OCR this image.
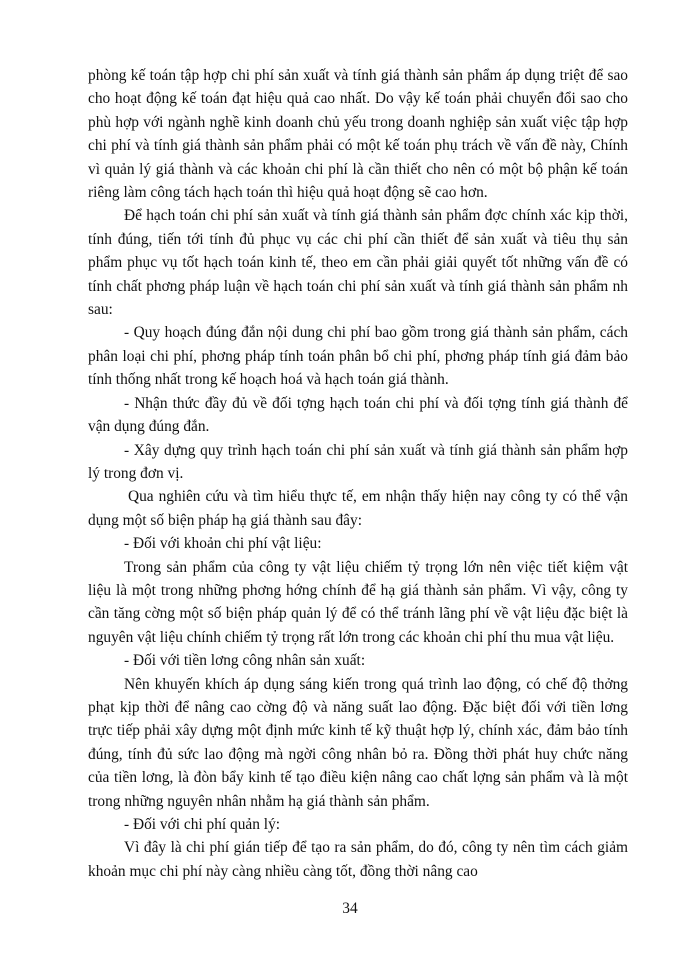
phòng kế toán tập hợp chi phí sản xuất và tính giá thành sản phẩm áp dụng triệt để sao cho hoạt động kế toán đạt hiệu quả cao nhất. Do vậy kế toán phải chuyển đổi sao cho phù hợp với ngành nghề kinh doanh chủ yếu trong doanh nghiệp sản xuất việc tập hợp chi phí và tính giá thành sản phẩm phải có một kế toán phụ trách về vấn đề này, Chính vì quản lý giá thành và các khoản chi phí là cần thiết cho nên có một bộ phận kế toán riêng làm công tách hạch toán thì hiệu quả hoạt động sẽ cao hơn.

Để hạch toán chi phí sản xuất và tính giá thành sản phẩm đợc chính xác kịp thời, tính đúng, tiến tới tính đủ phục vụ các chi phí cần thiết để sản xuất và tiêu thụ sản phẩm phục vụ tốt hạch toán kinh tế, theo em cần phải giải quyết tốt những vấn đề có tính chất phơng pháp luận về hạch toán chi phí sản xuất và tính giá thành sản phẩm nh sau:

- Quy hoạch đúng đắn nội dung chi phí bao gồm trong giá thành sản phẩm, cách phân loại chi phí, phơng pháp tính toán phân bổ chi phí, phơng pháp tính giá đảm bảo tính thống nhất trong kế hoạch hoá và hạch toán giá thành.

- Nhận thức đầy đủ về đối tợng hạch toán chi phí và đối tợng tính giá thành để vận dụng đúng đắn.

- Xây dựng quy trình hạch toán chi phí sản xuất và tính giá thành sản phẩm hợp lý trong đơn vị.

Qua nghiên cứu và tìm hiểu thực tế, em nhận thấy hiện nay công ty có thể vận dụng một số biện pháp hạ giá thành sau đây:

- Đối với khoản chi phí vật liệu:

Trong sản phẩm của công ty vật liệu chiếm tỷ trọng lớn nên việc tiết kiệm vật liệu là một trong những phơng hớng chính để hạ giá thành sản phẩm. Vì vậy, công ty cần tăng cờng một số biện pháp quản lý để có thể tránh lãng phí về vật liệu đặc biệt là nguyên vật liệu chính chiếm tỷ trọng rất lớn trong các khoản chi phí thu mua vật liệu.

- Đối với tiền lơng công nhân sản xuất:

Nên khuyến khích áp dụng sáng kiến trong quá trình lao động, có chế độ thởng phạt kịp thời để nâng cao cờng độ và năng suất lao động. Đặc biệt đối với tiền lơng trực tiếp phải xây dựng một định mức kinh tế kỹ thuật hợp lý, chính xác, đảm bảo tính đúng, tính đủ sức lao động mà ngời công nhân bỏ ra. Đồng thời phát huy chức năng của tiền lơng, là đòn bẩy kinh tế tạo điều kiện nâng cao chất lợng sản phẩm và là một trong những nguyên nhân nhằm hạ giá thành sản phẩm.

- Đối với chi phí quản lý:

Vì đây là chi phí gián tiếp để tạo ra sản phẩm, do đó, công ty nên tìm cách giảm khoản mục chi phí này càng nhiều càng tốt, đồng thời nâng cao

34
